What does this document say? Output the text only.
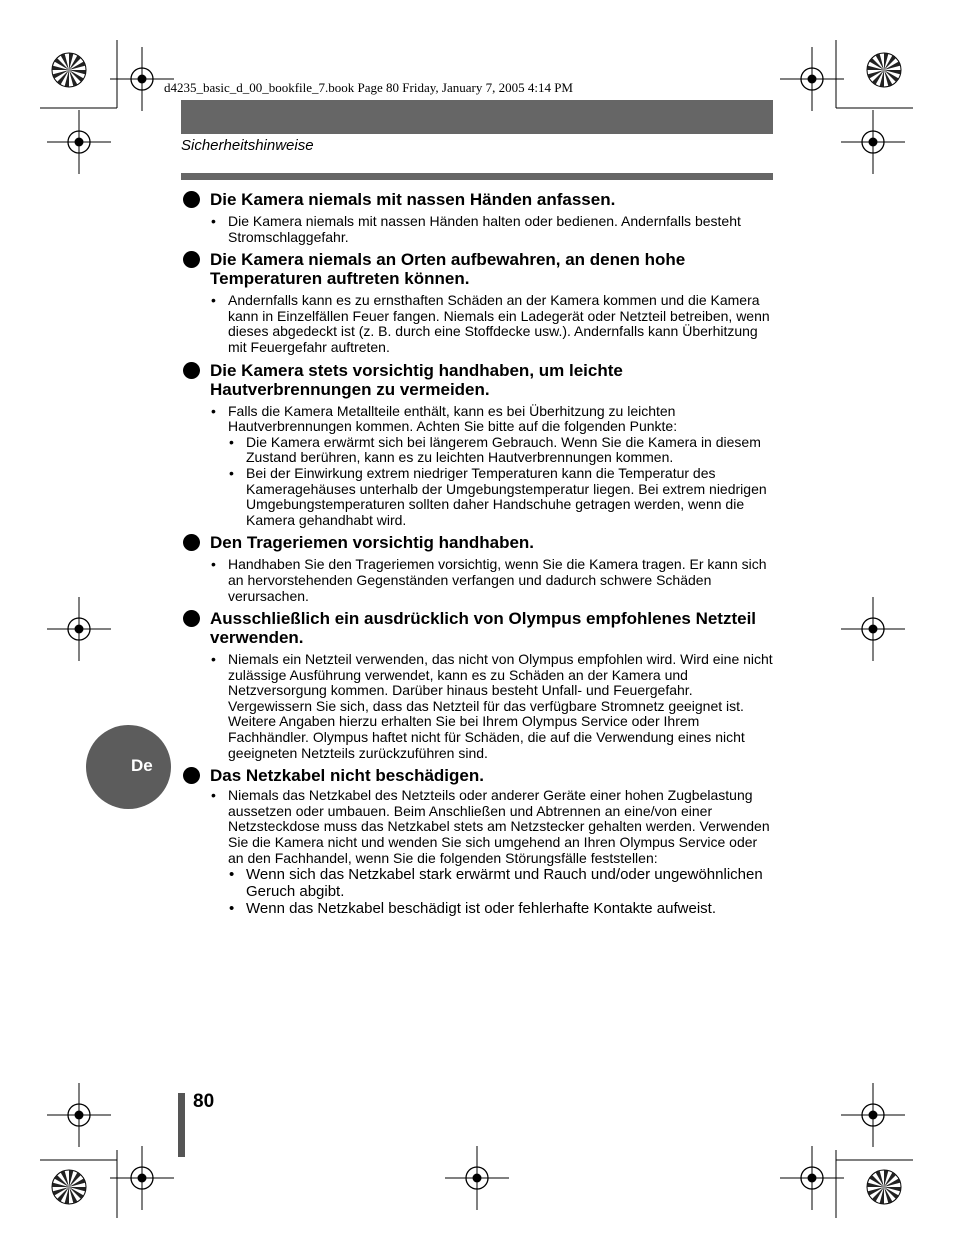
d4235_basic_d_00_bookfile_7.book Page 80 Friday, January 7, 2005 4:14 PM
Sicherheitshinweise
Die Kamera niemals mit nassen Händen anfassen.
• Die Kamera niemals mit nassen Händen halten oder bedienen. Andernfalls besteht Stromschlaggefahr.
Die Kamera niemals an Orten aufbewahren, an denen hohe Temperaturen auftreten können.
• Andernfalls kann es zu ernsthaften Schäden an der Kamera kommen und die Kamera kann in Einzelfällen Feuer fangen. Niemals ein Ladegerät oder Netzteil betreiben, wenn dieses abgedeckt ist (z. B. durch eine Stoffdecke usw.). Andernfalls kann Überhitzung mit Feuergefahr auftreten.
Die Kamera stets vorsichtig handhaben, um leichte Hautverbrennungen zu vermeiden.
• Falls die Kamera Metallteile enthält, kann es bei Überhitzung zu leichten Hautverbrennungen kommen. Achten Sie bitte auf die folgenden Punkte:
• Die Kamera erwärmt sich bei längerem Gebrauch. Wenn Sie die Kamera in diesem Zustand berühren, kann es zu leichten Hautverbrennungen kommen.
• Bei der Einwirkung extrem niedriger Temperaturen kann die Temperatur des Kameragehäuses unterhalb der Umgebungstemperatur liegen. Bei extrem niedrigen Umgebungstemperaturen sollten daher Handschuhe getragen werden, wenn die Kamera gehandhabt wird.
Den Trageriemen vorsichtig handhaben.
• Handhaben Sie den Trageriemen vorsichtig, wenn Sie die Kamera tragen. Er kann sich an hervorstehenden Gegenständen verfangen und dadurch schwere Schäden verursachen.
Ausschließlich ein ausdrücklich von Olympus empfohlenes Netzteil verwenden.
• Niemals ein Netzteil verwenden, das nicht von Olympus empfohlen wird. Wird eine nicht zulässige Ausführung verwendet, kann es zu Schäden an der Kamera und Netzversorgung kommen. Darüber hinaus besteht Unfall- und Feuergefahr. Vergewissern Sie sich, dass das Netzteil für das verfügbare Stromnetz geeignet ist. Weitere Angaben hierzu erhalten Sie bei Ihrem Olympus Service oder Ihrem Fachhändler. Olympus haftet nicht für Schäden, die auf die Verwendung eines nicht geeigneten Netzteils zurückzuführen sind.
Das Netzkabel nicht beschädigen.
• Niemals das Netzkabel des Netzteils oder anderer Geräte einer hohen Zugbelastung aussetzen oder umbauen. Beim Anschließen und Abtrennen an eine/von einer Netzsteckdose muss das Netzkabel stets am Netzstecker gehalten werden. Verwenden Sie die Kamera nicht und wenden Sie sich umgehend an Ihren Olympus Service oder an den Fachhandel, wenn Sie die folgenden Störungsfälle feststellen:
• Wenn sich das Netzkabel stark erwärmt und Rauch und/oder ungewöhnlichen Geruch abgibt.
• Wenn das Netzkabel beschädigt ist oder fehlerhafte Kontakte aufweist.
De
80
